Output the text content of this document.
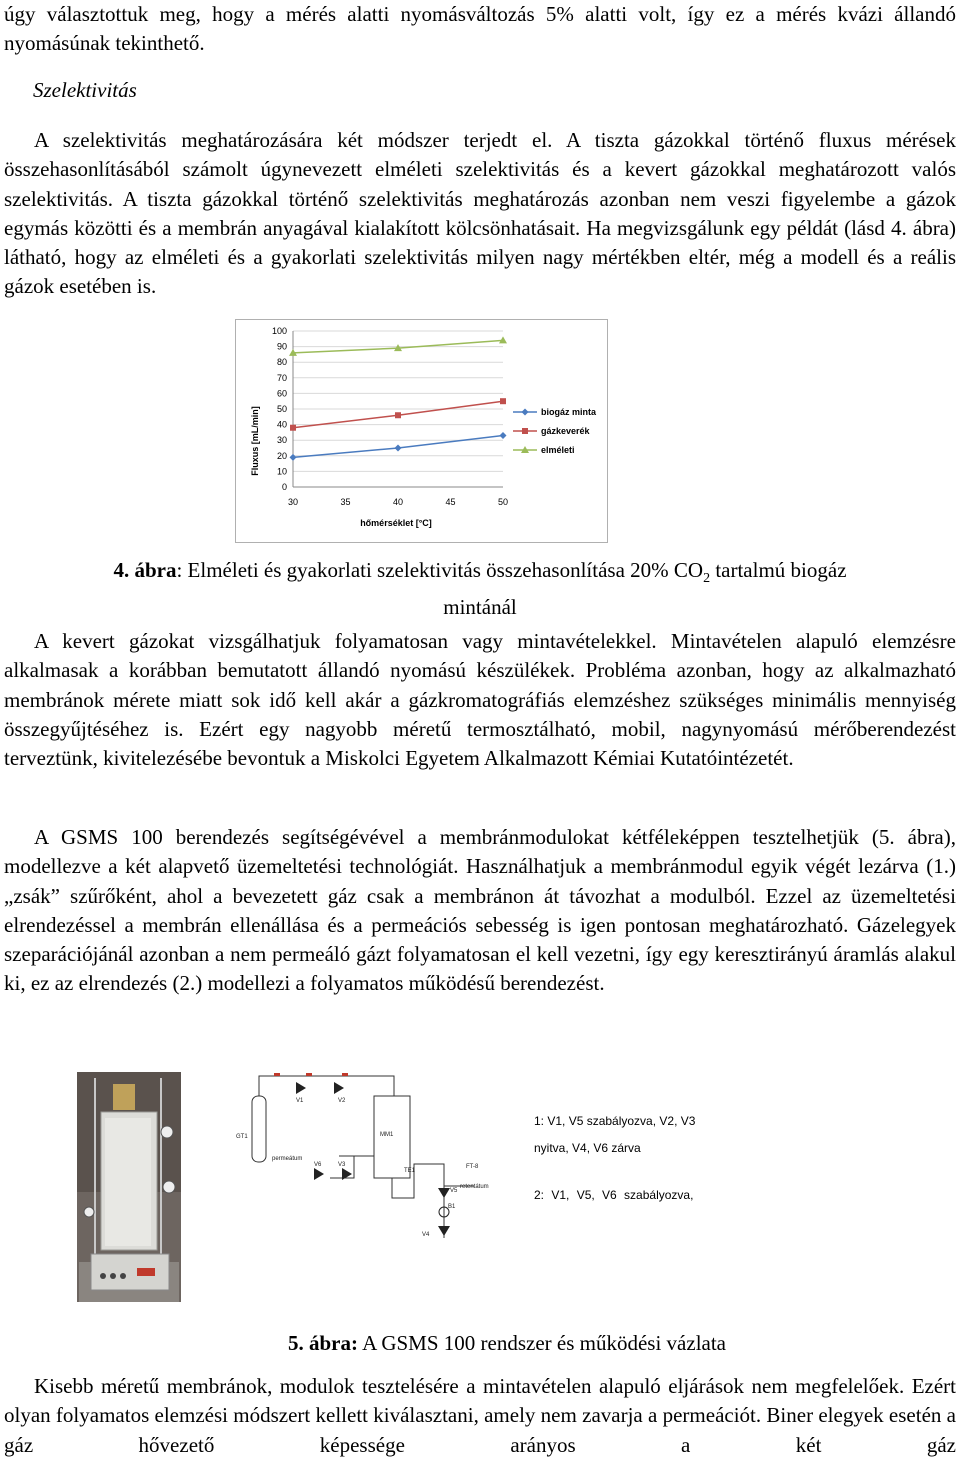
úgy választottuk meg, hogy a mérés alatti nyomásváltozás 5% alatti volt, így ez a mérés kvázi állandó nyomásúnak tekinthető.

Szelektivitás

A szelektivitás meghatározására két módszer terjedt el. A tiszta gázokkal történő fluxus mérések összehasonlításából számolt úgynevezett elméleti szelektivitás és a kevert gázokkal meghatározott valós szelektivitás. A tiszta gázokkal történő szelektivitás meghatározás azonban nem veszi figyelembe a gázok egymás közötti és a membrán anyagával kialakított kölcsönhatásait. Ha megvizsgálunk egy példát (lásd 4. ábra) látható, hogy az elméleti és a gyakorlati szelektivitás milyen nagy mértékben eltér, még a modell és a reális gázok esetében is.

0
10
20
30
40
50
60
70
80
90
100
30	35	40	45	50
biogáz minta
gázkeverék
elméleti
Fluxus [mL/min]
hőmérséklet [°C]

4. ábra: Elméleti és gyakorlati szelektivitás összehasonlítása 20% $CO_2$ tartalmú biogáz
mintánál

A kevert gázokat vizsgálhatjuk folyamatosan vagy mintavételekkel. Mintavételen alapuló elemzésre alkalmasak a korábban bemutatott állandó nyomású készülékek. Probléma azonban, hogy az alkalmazható membránok mérete miatt sok idő kell akár a gázkromatográfiás elemzéshez szükséges minimális mennyiség összegyűjtéséhez is. Ezért egy nagyobb méretű termosztálható, mobil, nagynyomású mérőberendezést terveztünk, kivitelezésébe bevontuk a Miskolci Egyetem Alkalmazott Kémiai Kutatóintézetét.

A GSMS 100 berendezés segítségévével a membránmodulokat kétféleképpen tesztelhetjük (5. ábra), modellezve a két alapvető üzemeltetési technológiát. Használhatjuk a membránmodul egyik végét lezárva (1.) „zsák” szűrőként, ahol a bevezetett gáz csak a membránon át távozhat a modulból. Ezzel az üzemeltetési elrendezéssel a membrán ellenállása és a permeációs sebesség is igen pontosan meghatározható. Gázelegyek szeparációjánál azonban a nem permeáló gázt folyamatosan el kell vezetni, így egy keresztirányú áramlás alakul ki, ez az elrendezés (2.) modellezi a folyamatos működésű berendezést.

V1	V2
GT1	MM1
permeátum
V6	V3
TE1
FT-8
V5
retentátum
B1
V4
1: V1, V5 szabályozva, V2, V3
nyitva, V4, V6 zárva
2: V1, V5, V6 szabályozva,

5. ábra: A GSMS 100 rendszer és működési vázlata

Kisebb méretű membránok, modulok tesztelésére a mintavételen alapuló eljárások nem megfelelőek. Ezért olyan folyamatos elemzési módszert kellett kiválasztani, amely nem zavarja a permeációt. Biner elegyek esetén a gáz hővezető képessége arányos a két gáz
